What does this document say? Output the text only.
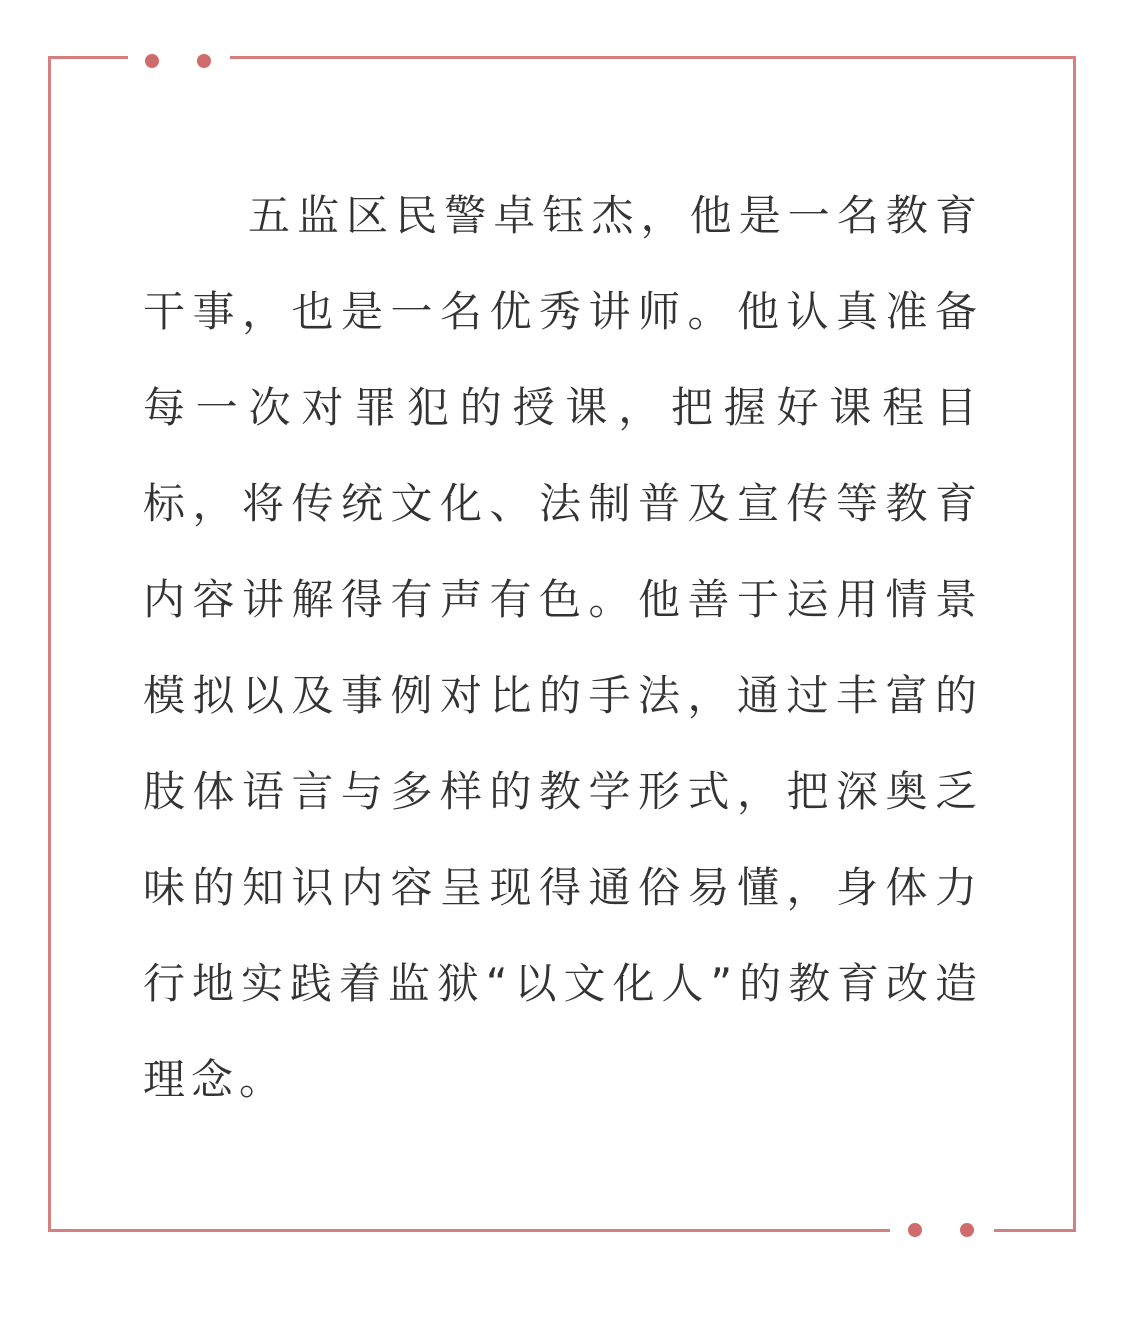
五监区民警卓钰杰，他是一名教育干事，也是一名优秀讲师。他认真准备每一次对罪犯的授课，把握好课程目标，将传统文化、法制普及宣传等教育内容讲解得有声有色。他善于运用情景模拟以及事例对比的手法，通过丰富的肢体语言与多样的教学形式，把深奥乏味的知识内容呈现得通俗易懂，身体力行地实践着监狱“以文化人”的教育改造理念。
